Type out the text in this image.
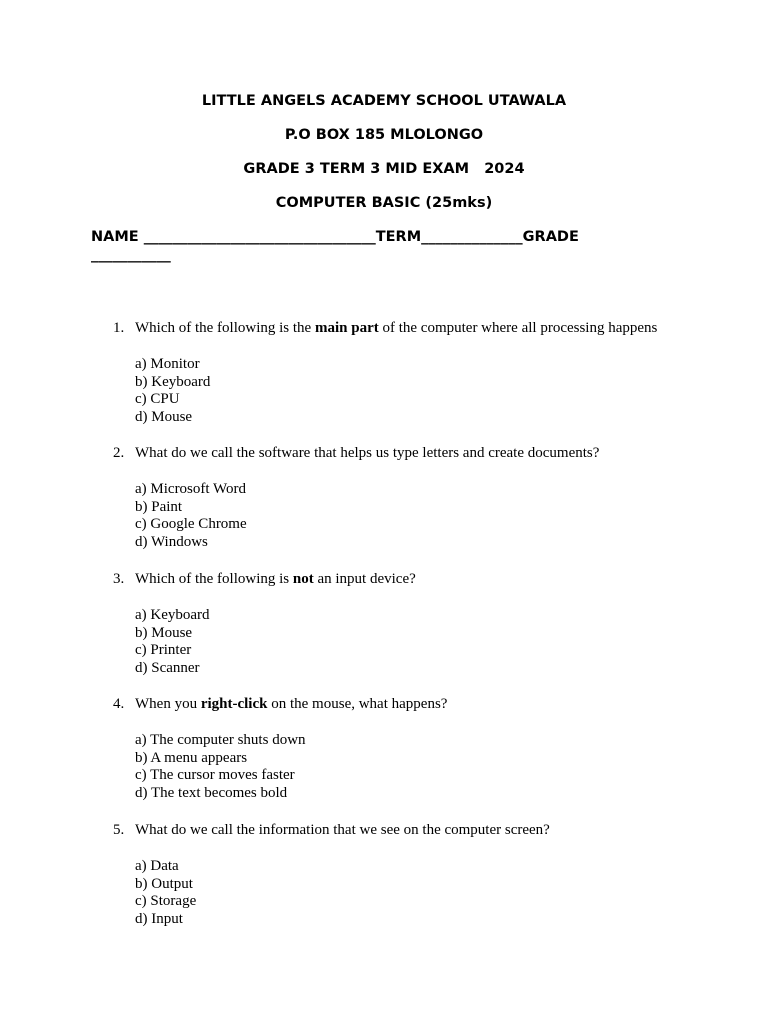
LITTLE ANGELS ACADEMY SCHOOL UTAWALA
P.O BOX 185 MLOLONGO
GRADE 3 TERM 3 MID EXAM   2024
COMPUTER BASIC (25mks)
NAME ________________________________TERM______________GRADE
___________
1. Which of the following is the main part of the computer where all processing happens
a) Monitor
b) Keyboard
c) CPU
d) Mouse
2. What do we call the software that helps us type letters and create documents?
a) Microsoft Word
b) Paint
c) Google Chrome
d) Windows
3. Which of the following is not an input device?
a) Keyboard
b) Mouse
c) Printer
d) Scanner
4. When you right-click on the mouse, what happens?
a) The computer shuts down
b) A menu appears
c) The cursor moves faster
d) The text becomes bold
5. What do we call the information that we see on the computer screen?
a) Data
b) Output
c) Storage
d) Input
